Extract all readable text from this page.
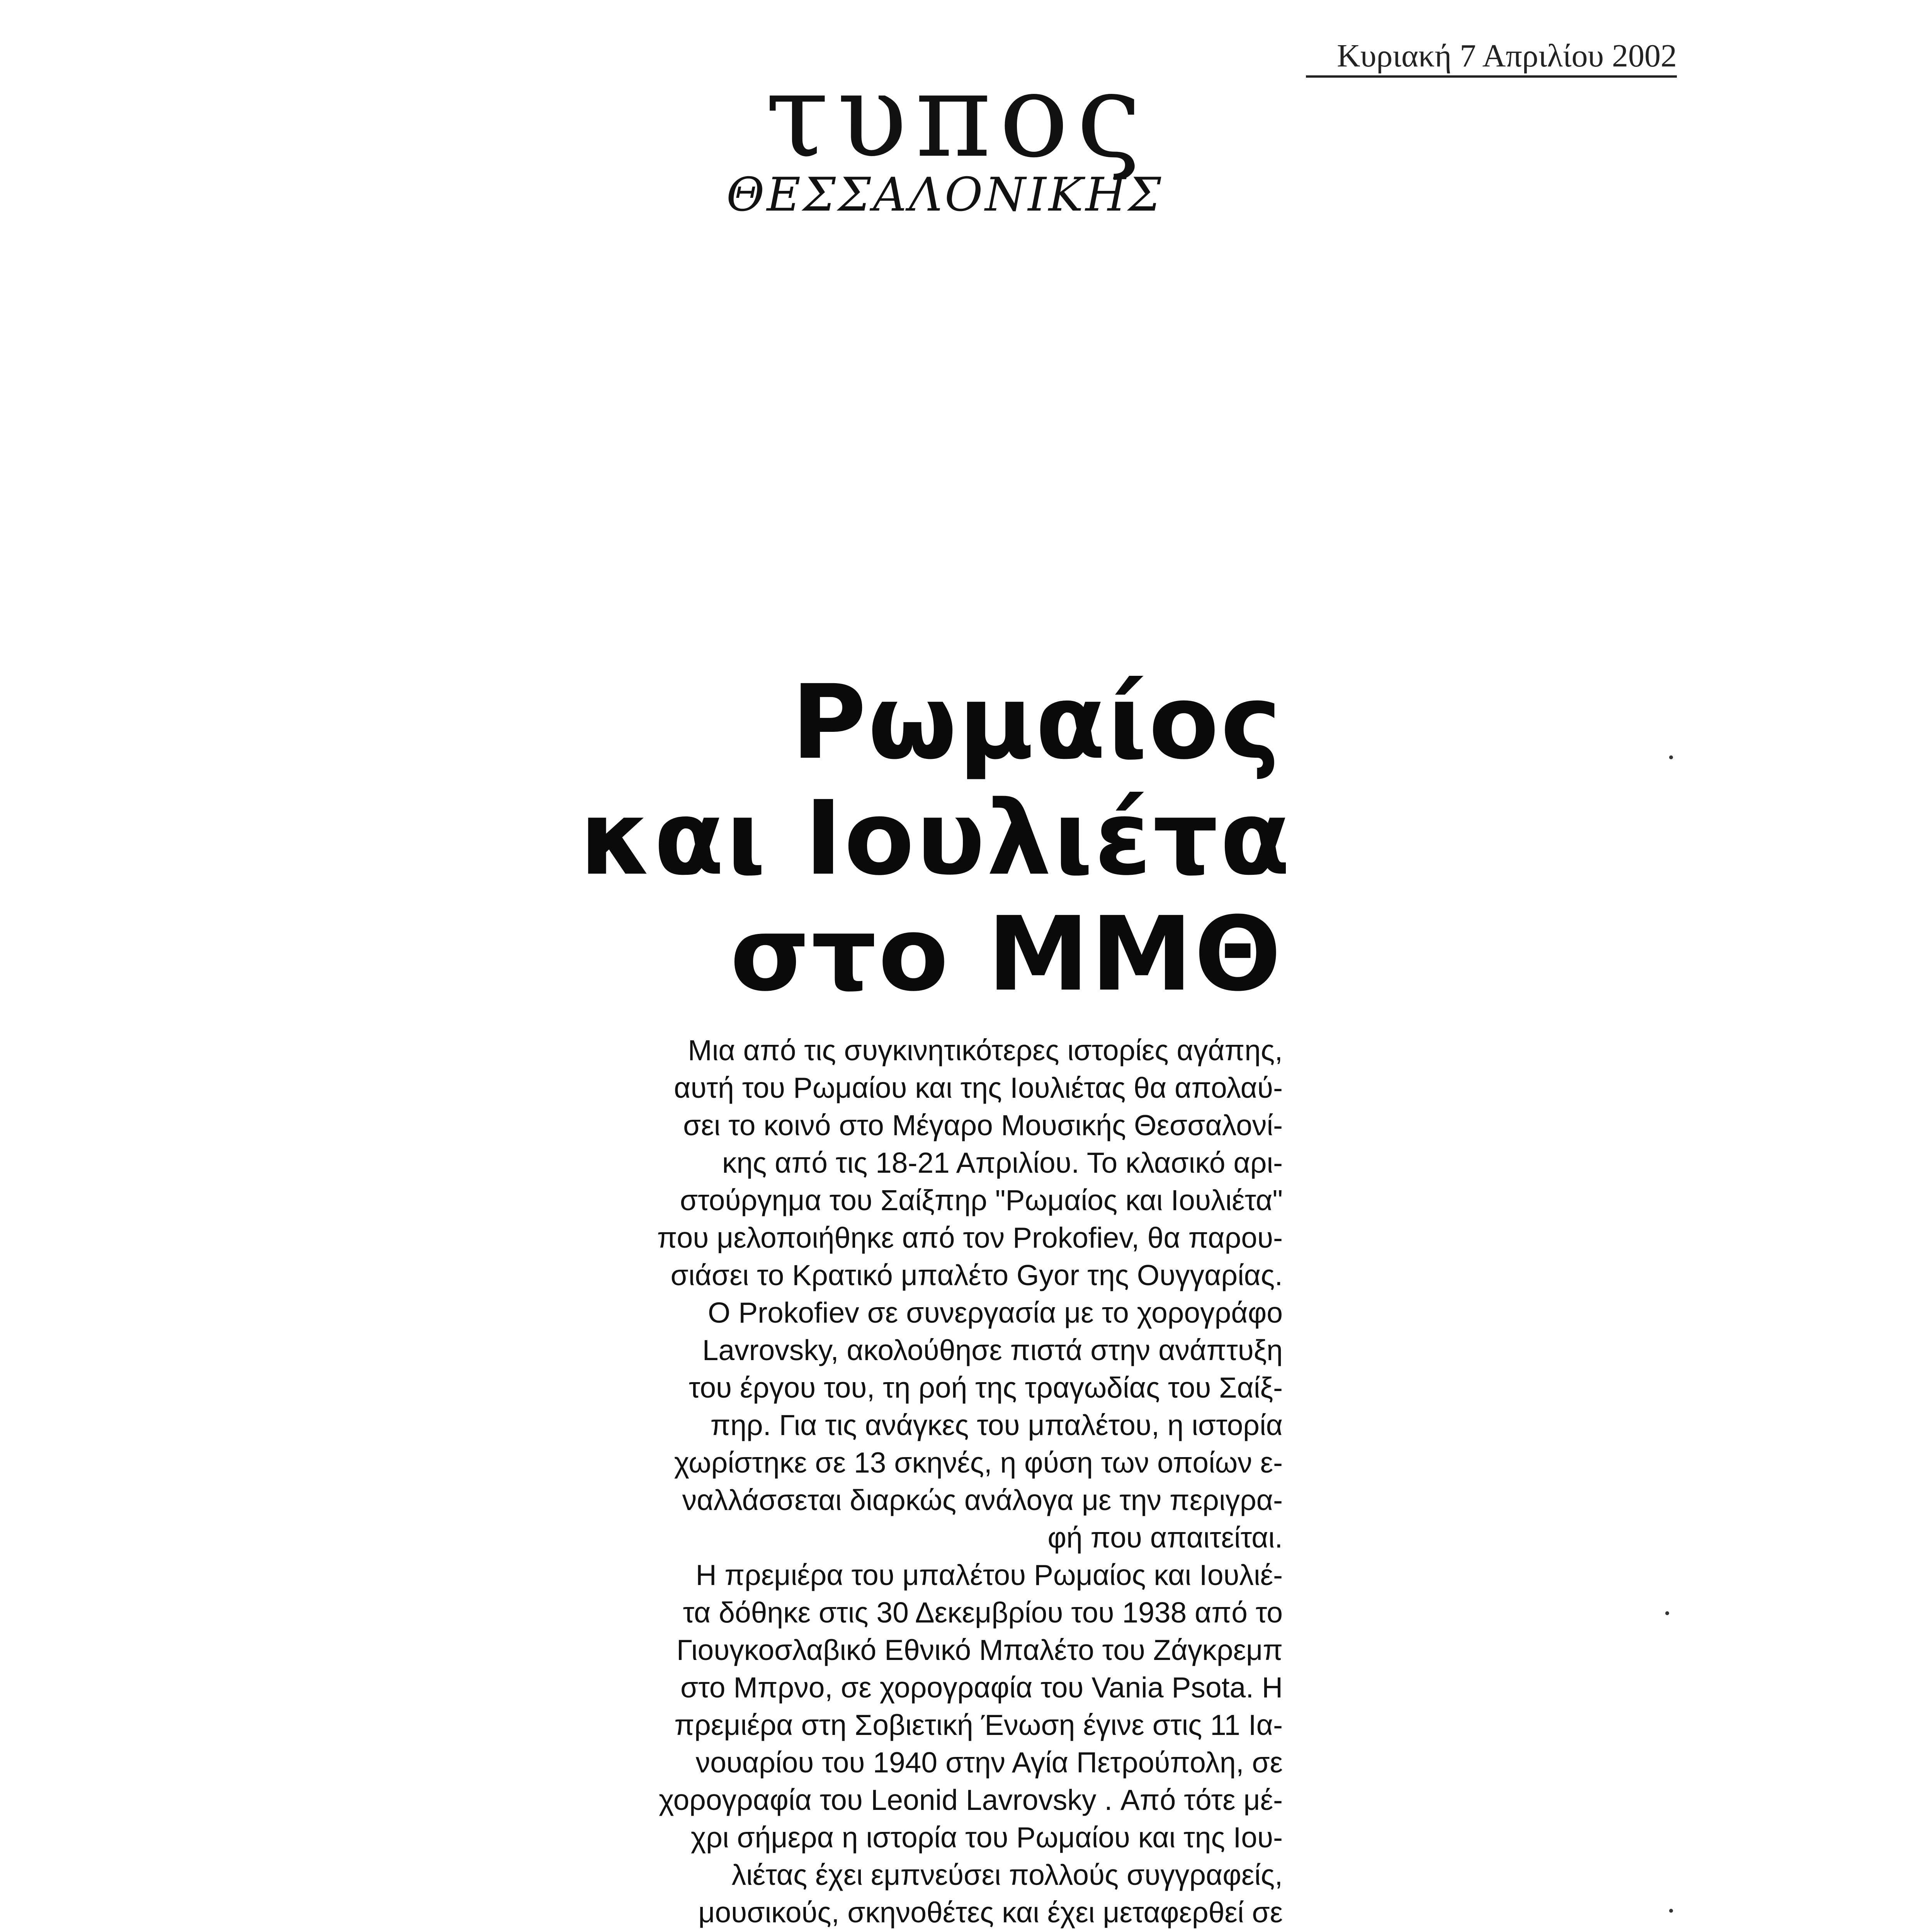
τυπος
ΘΕΣΣΑΛΟΝΙΚΗΣ
Κυριακή 7 Απριλίου 2002
Ρωμαίος
και Ιουλιέτα
στο ΜΜΘ
Μια από τις συγκινητικότερες ιστορίες αγάπης,
αυτή του Ρωμαίου και της Ιουλιέτας θα απολαύ-
σει το κοινό στο Μέγαρο Μουσικής Θεσσαλονί-
κης από τις 18-21 Απριλίου. Το κλασικό αρι-
στούργημα του Σαίξπηρ "Ρωμαίος και Ιουλιέτα"
που μελοποιήθηκε από τον Prokofiev, θα παρου-
σιάσει το Κρατικό μπαλέτο Gyor της Ουγγαρίας.
Ο Prokofiev σε συνεργασία με το χορογράφο
Lavrovsky, ακολούθησε πιστά στην ανάπτυξη
του έργου του, τη ροή της τραγωδίας του Σαίξ-
πηρ. Για τις ανάγκες του μπαλέτου, η ιστορία
χωρίστηκε σε 13 σκηνές, η φύση των οποίων ε-
ναλλάσσεται διαρκώς ανάλογα με την περιγρα-
φή που απαιτείται.
Η πρεμιέρα του μπαλέτου Ρωμαίος και Ιουλιέ-
τα δόθηκε στις 30 Δεκεμβρίου του 1938 από το
Γιουγκοσλαβικό Εθνικό Μπαλέτο του Ζάγκρεμπ
στο Μπρνο, σε χορογραφία του Vania Psota. Η
πρεμιέρα στη Σοβιετική Ένωση έγινε στις 11 Ια-
νουαρίου του 1940 στην Αγία Πετρούπολη, σε
χορογραφία του Leonid Lavrovsky . Από τότε μέ-
χρι σήμερα η ιστορία του Ρωμαίου και της Ιου-
λιέτας έχει εμπνεύσει πολλούς συγγραφείς,
μουσικούς, σκηνοθέτες και έχει μεταφερθεί σε
